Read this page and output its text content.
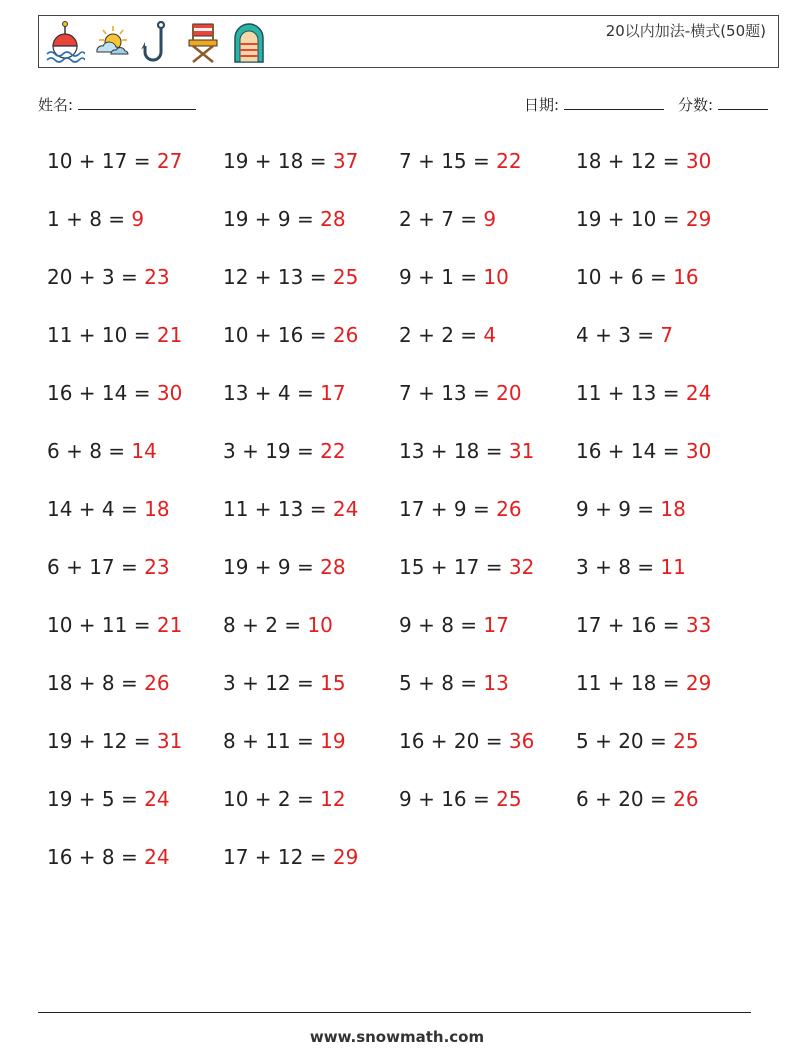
20以内加法-横式(50题)
姓名:	日期:	分数:
10 + 17 = 27	19 + 18 = 37	7 + 15 = 22	18 + 12 = 30
1 + 8 = 9	19 + 9 = 28	2 + 7 = 9	19 + 10 = 29
20 + 3 = 23	12 + 13 = 25	9 + 1 = 10	10 + 6 = 16
11 + 10 = 21	10 + 16 = 26	2 + 2 = 4	4 + 3 = 7
16 + 14 = 30	13 + 4 = 17	7 + 13 = 20	11 + 13 = 24
6 + 8 = 14	3 + 19 = 22	13 + 18 = 31	16 + 14 = 30
14 + 4 = 18	11 + 13 = 24	17 + 9 = 26	9 + 9 = 18
6 + 17 = 23	19 + 9 = 28	15 + 17 = 32	3 + 8 = 11
10 + 11 = 21	8 + 2 = 10	9 + 8 = 17	17 + 16 = 33
18 + 8 = 26	3 + 12 = 15	5 + 8 = 13	11 + 18 = 29
19 + 12 = 31	8 + 11 = 19	16 + 20 = 36	5 + 20 = 25
19 + 5 = 24	10 + 2 = 12	9 + 16 = 25	6 + 20 = 26
16 + 8 = 24	17 + 12 = 29
www.snowmath.com
